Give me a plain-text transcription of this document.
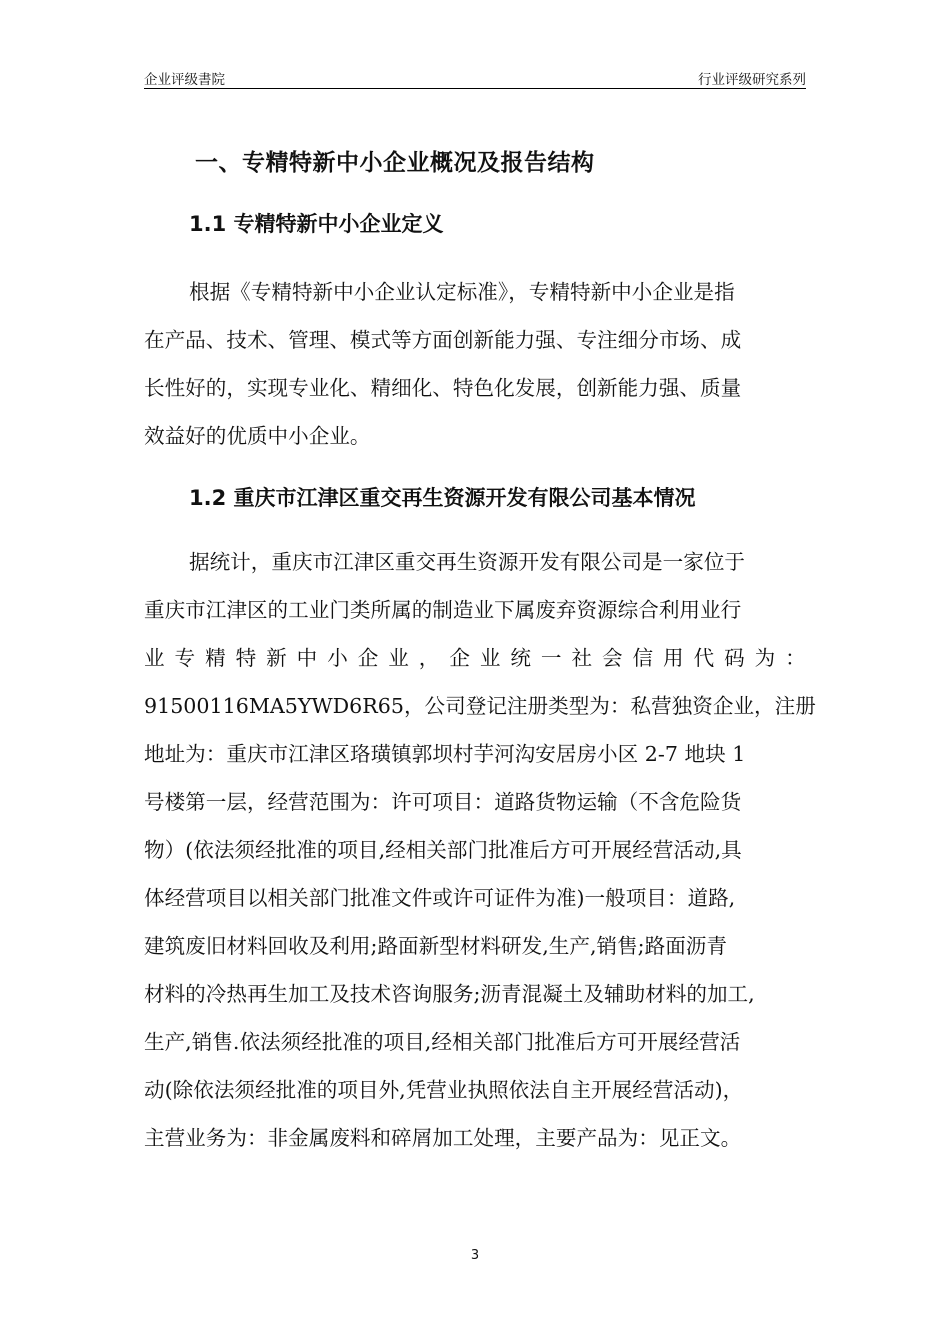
企业评级書院	行业评级研究系列
一、专精特新中小企业概况及报告结构
1.1 专精特新中小企业定义
根据《专精特新中小企业认定标准》，专精特新中小企业是指
在产品、技术、管理、模式等方面创新能力强、专注细分市场、成
长性好的，实现专业化、精细化、特色化发展，创新能力强、质量
效益好的优质中小企业。
1.2 重庆市江津区重交再生资源开发有限公司基本情况
据统计，重庆市江津区重交再生资源开发有限公司是一家位于
重庆市江津区的工业门类所属的制造业下属废弃资源综合利用业行
业 专 精 特 新 中 小 企 业 ， 企 业 统 一 社 会 信 用 代 码 为 ：
91500116MA5YWD6R65，公司登记注册类型为：私营独资企业，注册
地址为：重庆市江津区珞璜镇郭坝村芋河沟安居房小区 2-7 地块 1
号楼第一层，经营范围为：许可项目：道路货物运输（不含危险货
物）(依法须经批准的项目,经相关部门批准后方可开展经营活动,具
体经营项目以相关部门批准文件或许可证件为准)一般项目：道路,
建筑废旧材料回收及利用;路面新型材料研发,生产,销售;路面沥青
材料的冷热再生加工及技术咨询服务;沥青混凝土及辅助材料的加工,
生产,销售.依法须经批准的项目,经相关部门批准后方可开展经营活
动(除依法须经批准的项目外,凭营业执照依法自主开展经营活动)，
主营业务为：非金属废料和碎屑加工处理，主要产品为：见正文。
3
